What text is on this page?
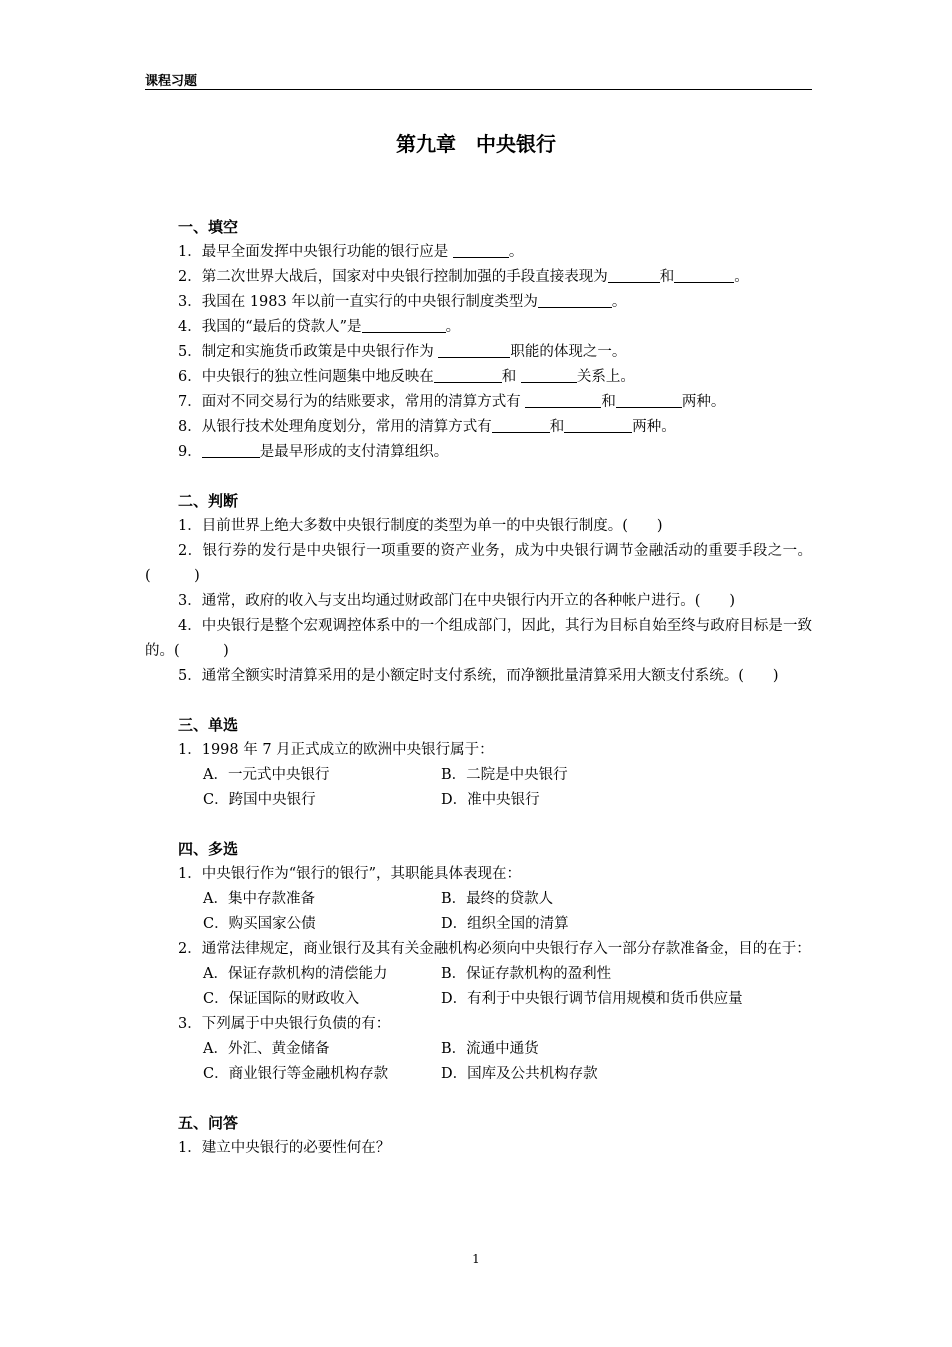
课程习题
第九章　中央银行
一、填空
1．最早全面发挥中央银行功能的银行应是	。
2．第二次世界大战后，国家对中央银行控制加强的手段直接表现为	和	。
3．我国在 1983 年以前一直实行的中央银行制度类型为	。
4．我国的“最后的贷款人”是	。
5．制定和实施货币政策是中央银行作为	职能的体现之一。
6．中央银行的独立性问题集中地反映在	和	关系上。
7．面对不同交易行为的结账要求，常用的清算方式有	和	两种。
8．从银行技术处理角度划分，常用的清算方式有	和	两种。
9．	是最早形成的支付清算组织。
二、判断
1．目前世界上绝大多数中央银行制度的类型为单一的中央银行制度。(　　)
2．银行券的发行是中央银行一项重要的资产业务，成为中央银行调节金融活动的重要手段之一。(　　　)
3．通常，政府的收入与支出均通过财政部门在中央银行内开立的各种帐户进行。(　　)
4．中央银行是整个宏观调控体系中的一个组成部门，因此，其行为目标自始至终与政府目标是一致的。(　　　)
5．通常全额实时清算采用的是小额定时支付系统，而净额批量清算采用大额支付系统。(　　)
三、单选
1．1998 年 7 月正式成立的欧洲中央银行属于：
A．一元式中央银行	B．二院是中央银行
C．跨国中央银行	D．准中央银行
四、多选
1．中央银行作为“银行的银行”，其职能具体表现在：
A．集中存款准备	B．最终的贷款人
C．购买国家公债	D．组织全国的清算
2．通常法律规定，商业银行及其有关金融机构必须向中央银行存入一部分存款准备金，目的在于：
A．保证存款机构的清偿能力	B．保证存款机构的盈利性
C．保证国际的财政收入	D．有利于中央银行调节信用规模和货币供应量
3．下列属于中央银行负债的有：
A．外汇、黄金储备	B．流通中通货
C．商业银行等金融机构存款	D．国库及公共机构存款
五、问答
1．建立中央银行的必要性何在？
1
